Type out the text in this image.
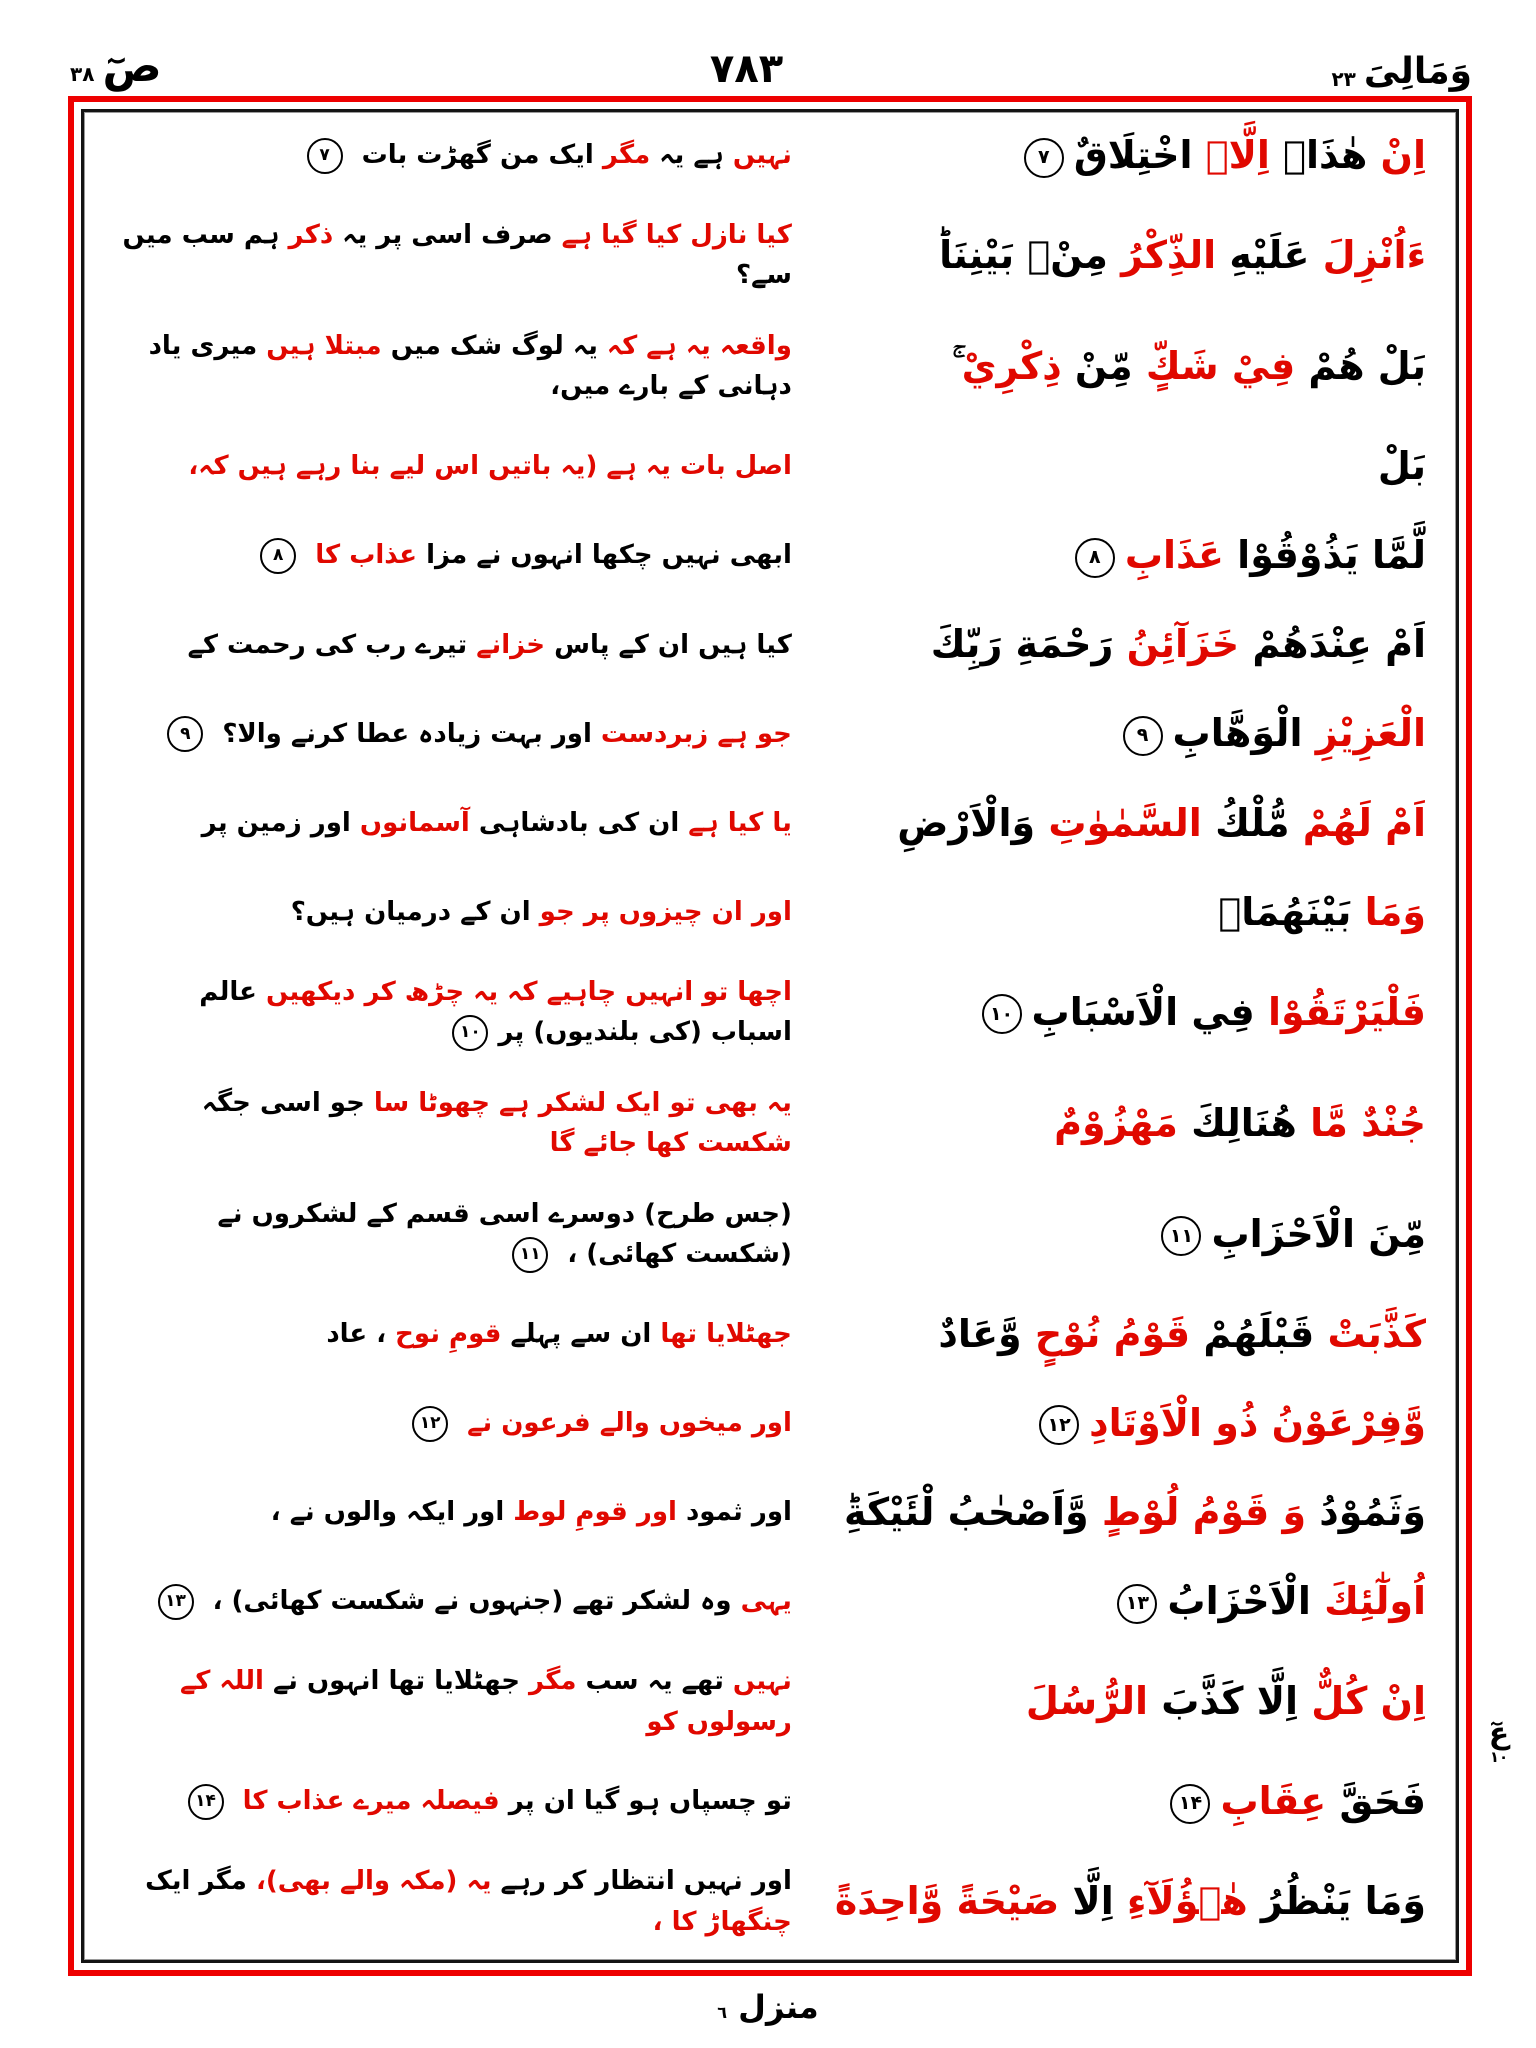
وَمَالِیَ
۲۳
۷۸۳
صٓ
۳۸
اِنْ هٰذَاۤ اِلَّاۤ اخْتِلَاقٌ۷
نہیں ہے یہ مگر ایک من گھڑت بات ۷
ءَاُنْزِلَ عَلَيْهِ الذِّكْرُ مِنْۢ بَيْنِنَاؕ
کیا نازل کیا گیا ہے صرف اسی پر یہ ذکر ہم سب میں سے؟
بَلْ هُمْ فِيْ شَكٍّ مِّنْ ذِكْرِيْ ۚ
واقعہ یہ ہے کہ یہ لوگ شک میں مبتلا ہیں میری یاد دہانی کے بارے میں،
بَلْ
اصل بات یہ ہے (یہ باتیں اس لیے بنا رہے ہیں کہ،
لَّمَّا يَذُوْقُوْا عَذَابِ۸
ابھی نہیں چکھا انہوں نے مزا عذاب کا ۸
اَمْ عِنْدَهُمْ خَزَآئِنُ رَحْمَةِ رَبِّكَ
کیا ہیں ان کے پاس خزانے تیرے رب کی رحمت کے
الْعَزِيْزِ الْوَهَّابِ۹
جو ہے زبردست اور بہت زیادہ عطا کرنے والا؟ ۹
اَمْ لَهُمْ مُّلْكُ السَّمٰوٰتِ وَالْاَرْضِ
یا کیا ہے ان کی بادشاہی آسمانوں اور زمین پر
وَمَا بَيْنَهُمَاۘ
اور ان چیزوں پر جو ان کے درمیان ہیں؟
فَلْيَرْتَقُوْا فِي الْاَسْبَابِ۱۰
اچھا تو انہیں چاہیے کہ یہ چڑھ کر دیکھیں عالم اسباب (کی بلندیوں) پر۱۰
جُنْدٌ مَّا هُنَالِكَ مَهْزُوْمٌ
یہ بھی تو ایک لشکر ہے چھوٹا سا جو اسی جگہ شکست کھا جائے گا
مِّنَ الْاَحْزَابِ۱۱
(جس طرح) دوسرے اسی قسم کے لشکروں نے (شکست کھائی) ، ۱۱
كَذَّبَتْ قَبْلَهُمْ قَوْمُ نُوْحٍ وَّعَادٌ
جھٹلایا تھا ان سے پہلے قومِ نوح ، عاد
وَّفِرْعَوْنُ ذُو الْاَوْتَادِ۱۲
اور میخوں والے فرعون نے ۱۲
وَثَمُوْدُ وَ قَوْمُ لُوْطٍ وَّاَصْحٰبُ لْئَيْكَةِؕ
اور ثمود اور قومِ لوط اور ایکہ والوں نے ،
اُولٰٓئِكَ الْاَحْزَابُ۱۳
یہی وہ لشکر تھے (جنہوں نے شکست کھائی) ، ۱۳
اِنْ كُلٌّ اِلَّا كَذَّبَ الرُّسُلَ
نہیں تھے یہ سب مگر جھٹلایا تھا انہوں نے اللہ کے رسولوں کو
فَحَقَّ عِقَابِ۱۴
تو چسپاں ہو گیا ان پر فیصلہ میرے عذاب کا ۱۴
وَمَا يَنْظُرُ هٰۤؤُلَآءِ اِلَّا صَيْحَةً وَّاحِدَةً
اور نہیں انتظار کر رہے یہ (مکہ والے بھی)، مگر ایک چنگھاڑ کا ،
عٓ
۱۰
منزل ٦
